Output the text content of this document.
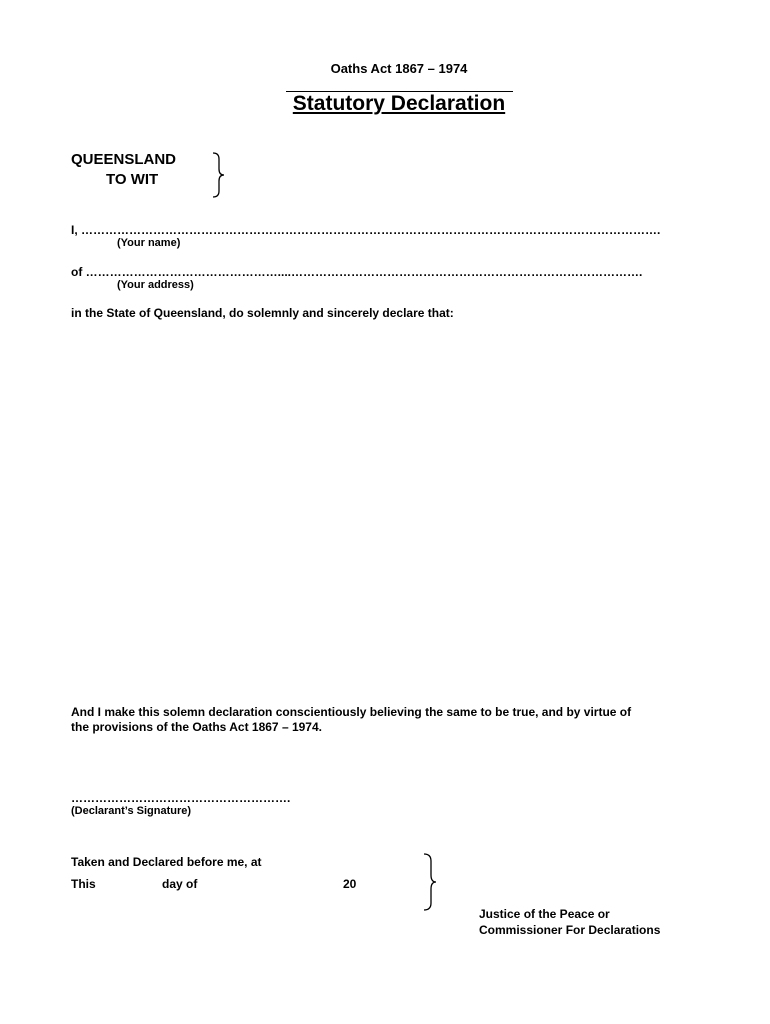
Oaths Act 1867 – 1974
Statutory Declaration
QUEENSLAND
TO WIT
I, ……………………………………………………………………………………………………………………………….
(Your name)
of …………………………………………....…………………………………………………………………………….
(Your address)
in the State of Queensland, do solemnly and sincerely declare that:
And I make this solemn declaration conscientiously believing the same to be true, and by virtue of
the provisions of the Oaths Act 1867 – 1974.
……………………………………………….
(Declarant’s Signature)
Taken and Declared before me, at
This	day of	20
Justice of the Peace or
Commissioner For Declarations
